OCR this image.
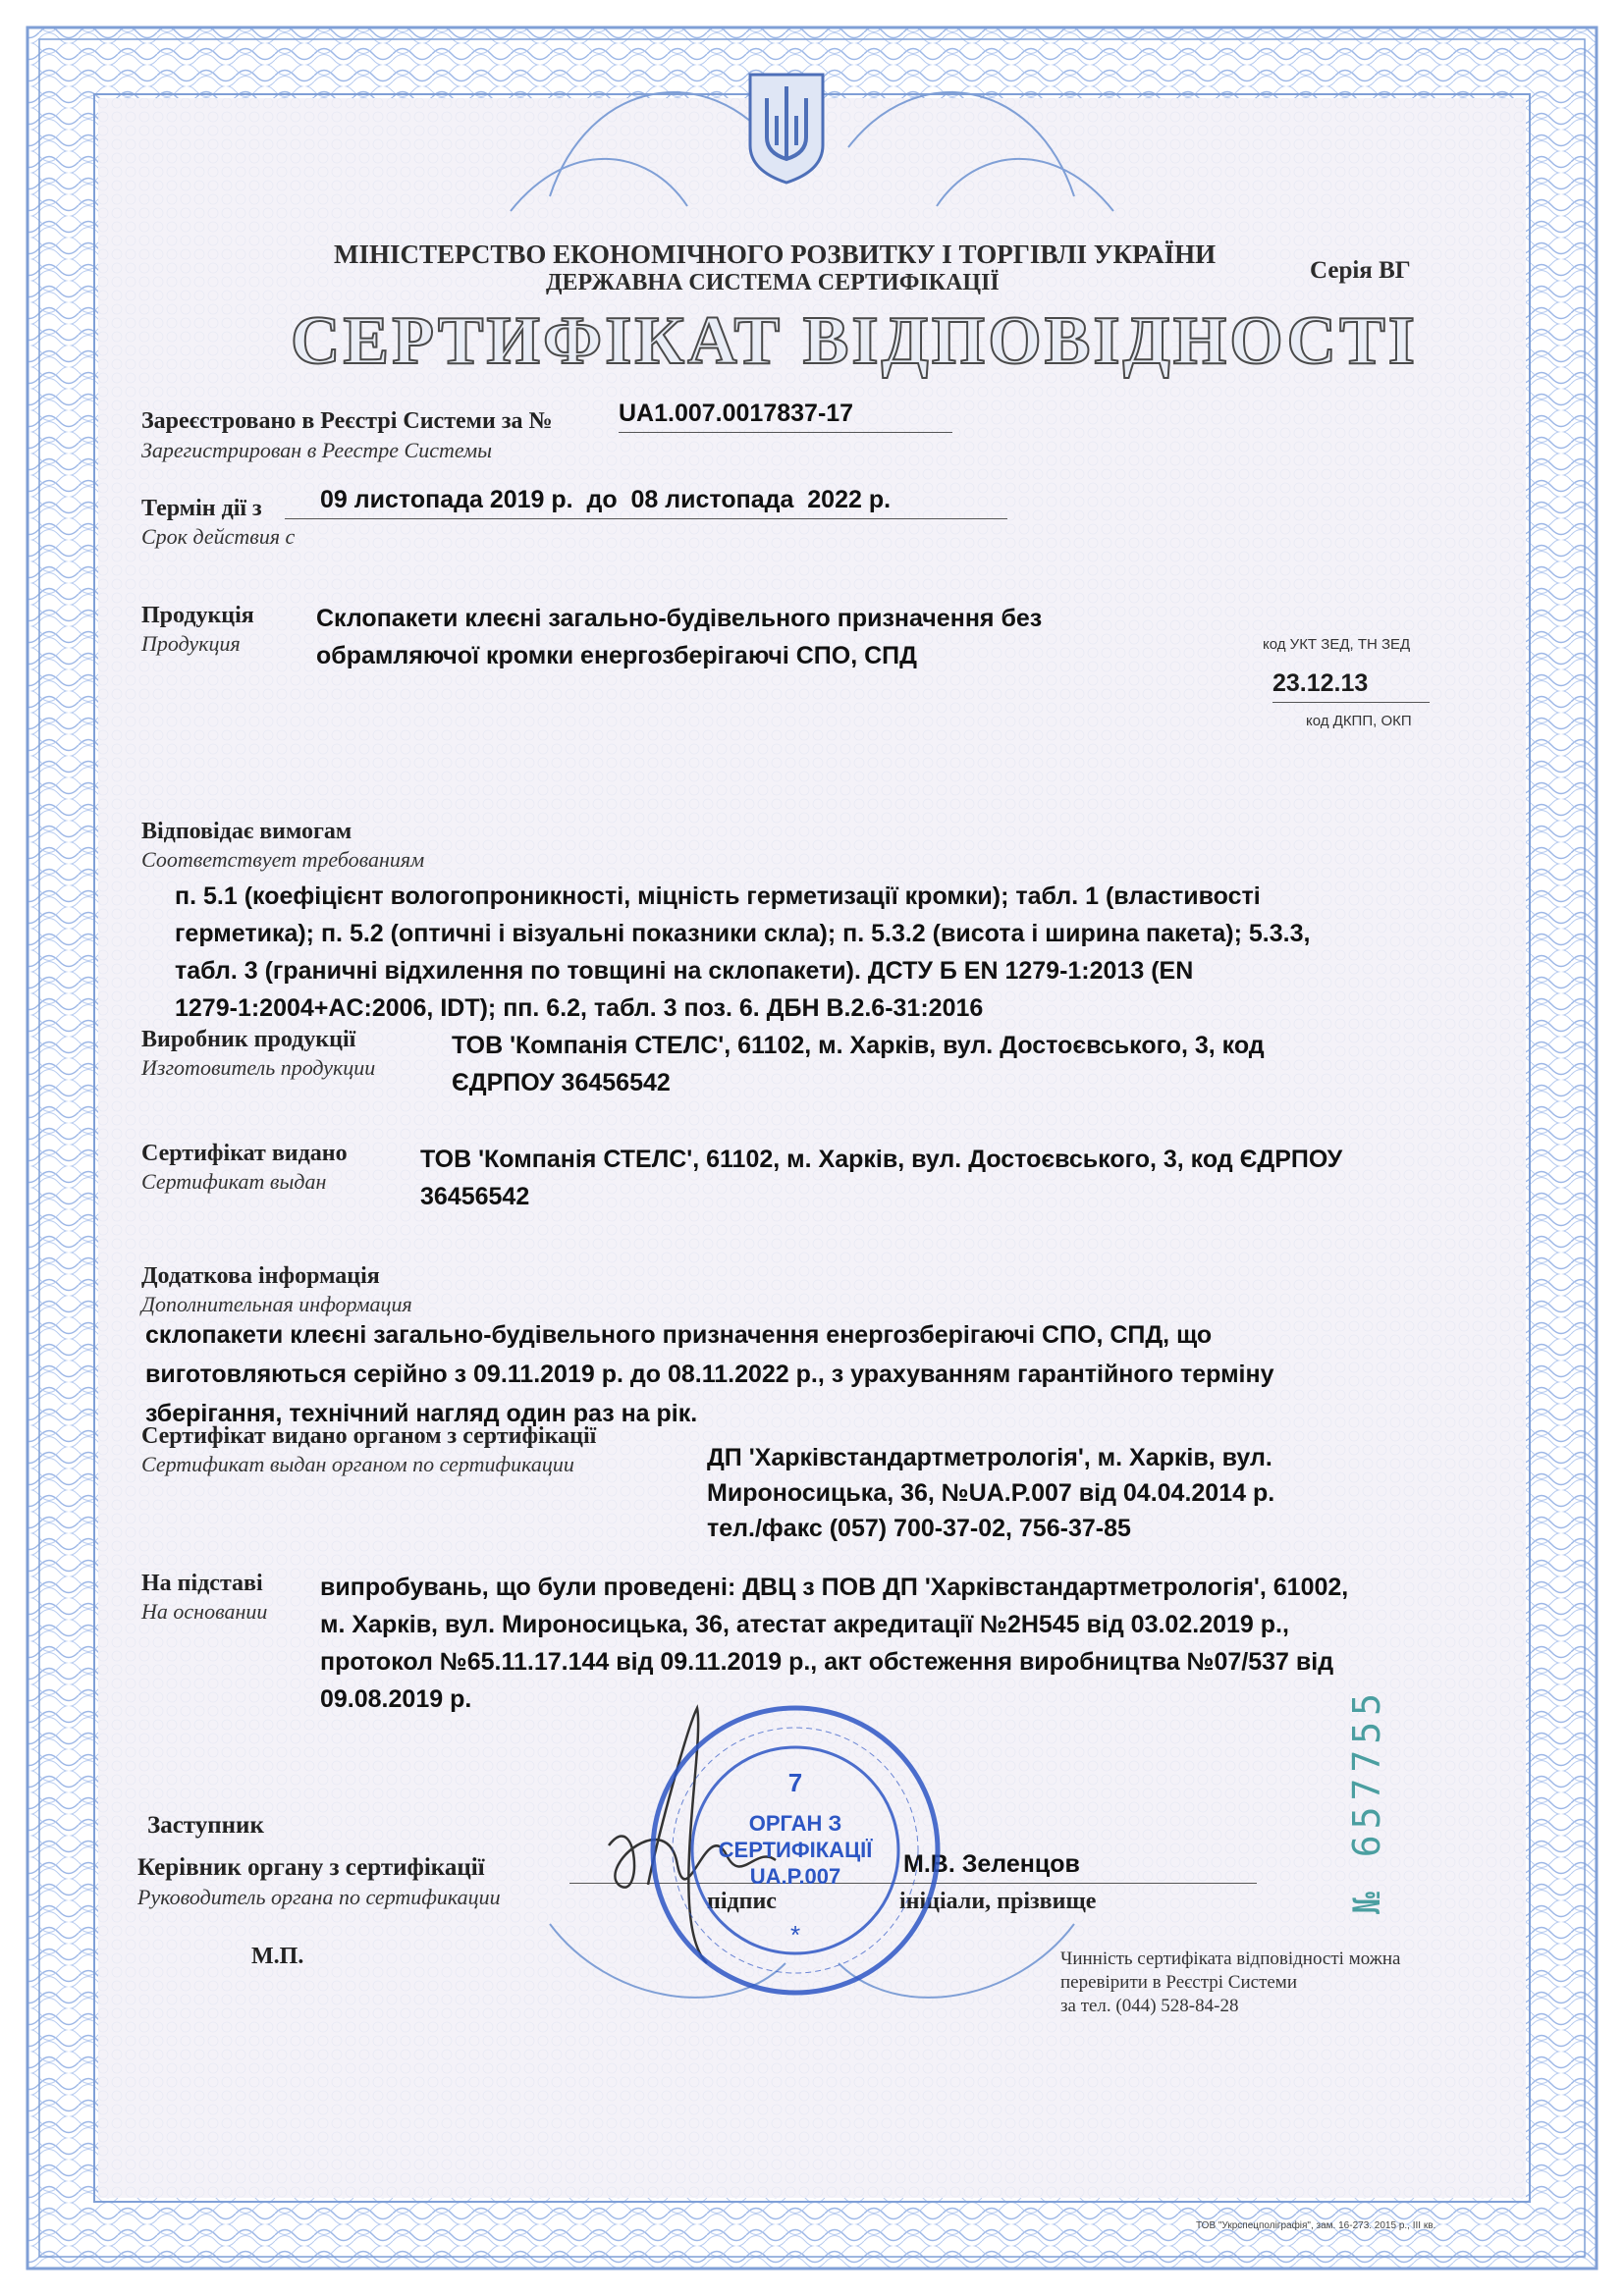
МІНІСТЕРСТВО ЕКОНОМІЧНОГО РОЗВИТКУ І ТОРГІВЛІ УКРАЇНИ
ДЕРЖАВНА СИСТЕМА СЕРТИФІКАЦІЇ	Серія ВГ
СЕРТИФІКАТ ВІДПОВІДНОСТІ
Зареєстровано в Реєстрі Системи за №
Зарегистрирован в Реестре Системы
UA1.007.0017837-17
Термін дії з
Срок действия с
09 листопада 2019 р.  до  08 листопада  2022 р.
Продукція
Продукция
Склопакети клеєні загально-будівельного призначення без
обрамляючої кромки енергозберігаючі СПО, СПД	код УКТ ЗЕД, ТН ЗЕД
23.12.13
код ДКПП, ОКП
Відповідає вимогам
Соответствует требованиям
п. 5.1 (коефіцієнт вологопроникності, міцність герметизації кромки); табл. 1 (властивості
герметика); п. 5.2 (оптичні і візуальні показники скла); п. 5.3.2 (висота і ширина пакета); 5.3.3,
табл. 3 (граничні відхилення по товщині на склопакети). ДСТУ Б EN 1279-1:2013 (EN
1279-1:2004+AC:2006, IDT); пп. 6.2, табл. 3 поз. 6. ДБН В.2.6-31:2016
Виробник продукції
Изготовитель продукции
ТОВ 'Компанія СТЕЛС', 61102, м. Харків, вул. Достоєвського, 3, код
ЄДРПОУ 36456542
Сертифікат видано
Сертификат выдан
ТОВ 'Компанія СТЕЛС', 61102, м. Харків, вул. Достоєвського, 3, код ЄДРПОУ
36456542
Додаткова інформація
Дополнительная информация
склопакети клеєні загально-будівельного призначення енергозберігаючі СПО, СПД, що
виготовляються серійно з 09.11.2019 р. до 08.11.2022 р., з урахуванням гарантійного терміну
зберігання, технічний нагляд один раз на рік.
Сертифікат видано органом з сертифікації
Сертификат выдан органом по сертификации	ДП 'Харківстандартметрологія', м. Харків, вул.
Мироносицька, 36, №UA.P.007 від 04.04.2014 р.
тел./факс (057) 700-37-02, 756-37-85
На підставі
На основании
випробувань, що були проведені: ДВЦ з ПОВ ДП 'Харківстандартметрологія', 61002,
м. Харків, вул. Мироносицька, 36, атестат акредитації №2Н545 від 03.02.2019 р.,
протокол №65.11.17.144 від 09.11.2019 р., акт обстеження виробництва №07/537 від
09.08.2019 р.
Заступник
Керівник органу з сертифікації
Руководитель органа по сертификации	підпис
М.В. Зеленцов
ініціали, прізвище
М.П.
7
ОРГАН З
СЕРТИФІКАЦІЇ
UA.P.007
*
Чинність сертифіката відповідності можна
перевірити в Реєстрі Системи
за тел. (044) 528-84-28
№ 657755
ТОВ "Укрспецполіграфія", зам. 16-273. 2015 р., ІІІ кв.
